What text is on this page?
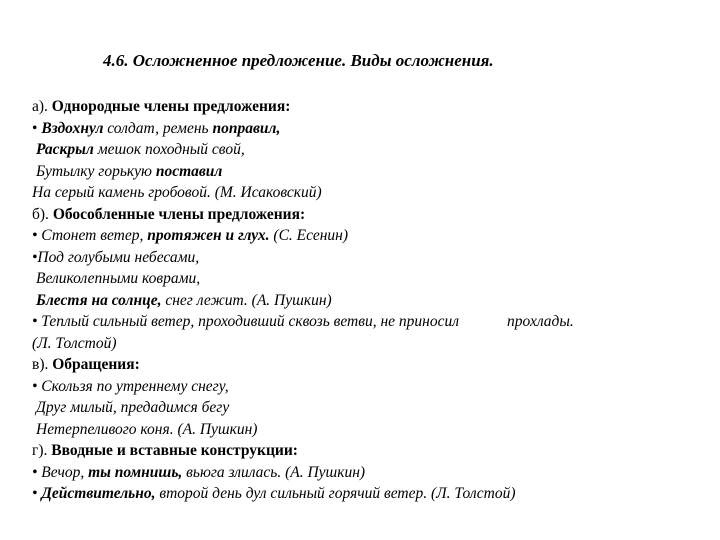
4.6. Осложненное предложение. Виды осложнения.
а). Однородные члены предложения:
• Вздохнул солдат, ремень поправил,
Раскрыл мешок походный свой,
Бутылку горькую поставил
На серый камень гробовой. (М. Исаковский)
б). Обособленные члены предложения:
• Стонет ветер, протяжен и глух. (С. Есенин)
•Под голубыми небесами,
Великолепными коврами,
Блестя на солнце, снег лежит. (А. Пушкин)
• Теплый сильный ветер, проходивший сквозь ветви, не приносил	прохлады.
(Л. Толстой)
в). Обращения:
• Скользя по утреннему снегу,
Друг милый, предадимся бегу
Нетерпеливого коня. (А. Пушкин)
г). Вводные и вставные конструкции:
• Вечор, ты помнишь, вьюга злилась. (А. Пушкин)
• Действительно, второй день дул сильный горячий ветер. (Л. Толстой)
